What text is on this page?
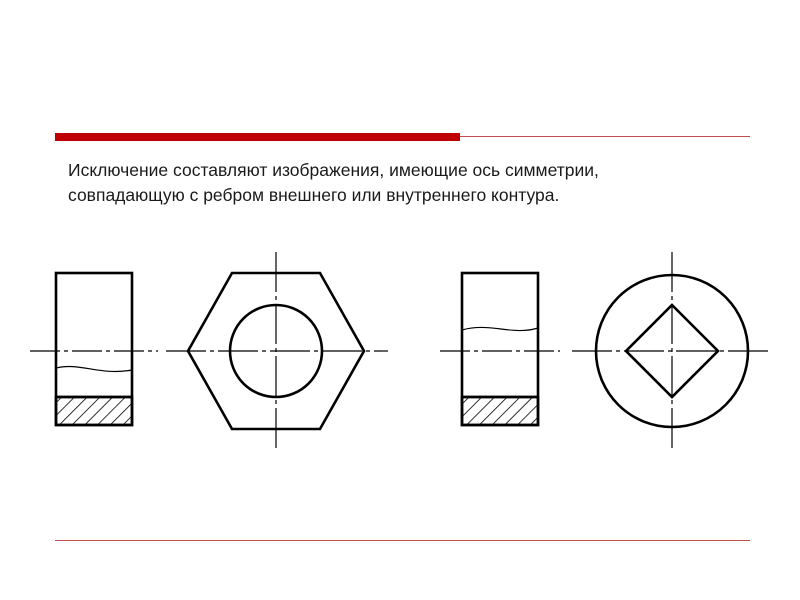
Исключение составляют изображения, имеющие ось симметрии,
совпадающую с ребром внешнего или внутреннего контура.
